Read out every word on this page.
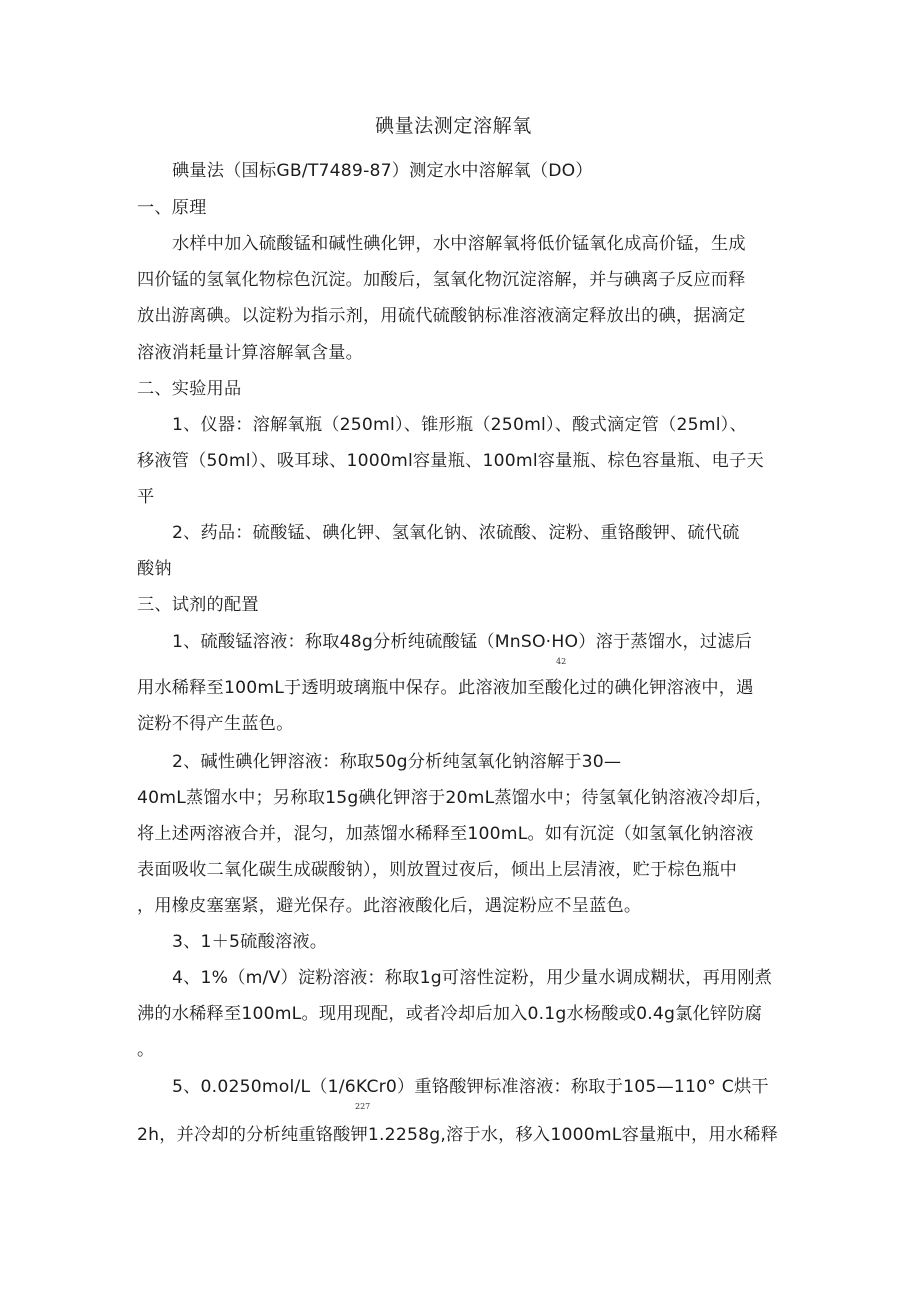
碘量法测定溶解氧
碘量法（国标GB/T7489-87）测定水中溶解氧（DO）
一、原理
水样中加入硫酸锰和碱性碘化钾，水中溶解氧将低价锰氧化成高价锰，生成
四价锰的氢氧化物棕色沉淀。加酸后，氢氧化物沉淀溶解，并与碘离子反应而释
放出游离碘。以淀粉为指示剂，用硫代硫酸钠标准溶液滴定释放出的碘，据滴定
溶液消耗量计算溶解氧含量。
二、实验用品
1、仪器：溶解氧瓶（250ml）、锥形瓶（250ml）、酸式滴定管（25ml）、
移液管（50ml）、吸耳球、1000ml容量瓶、100ml容量瓶、棕色容量瓶、电子天
平
2、药品：硫酸锰、碘化钾、氢氧化钠、浓硫酸、淀粉、重铬酸钾、硫代硫
酸钠
三、试剂的配置
1、硫酸锰溶液：称取48g分析纯硫酸锰（MnSO·HO）溶于蒸馏水，过滤后
42
用水稀释至100mL于透明玻璃瓶中保存。此溶液加至酸化过的碘化钾溶液中，遇
淀粉不得产生蓝色。
2、碱性碘化钾溶液：称取50g分析纯氢氧化钠溶解于30—
40mL蒸馏水中；另称取15g碘化钾溶于20mL蒸馏水中；待氢氧化钠溶液冷却后，
将上述两溶液合并，混匀，加蒸馏水稀释至100mL。如有沉淀（如氢氧化钠溶液
表面吸收二氧化碳生成碳酸钠），则放置过夜后，倾出上层清液，贮于棕色瓶中
，用橡皮塞塞紧，避光保存。此溶液酸化后，遇淀粉应不呈蓝色。
3、1＋5硫酸溶液。
4、1%（m/V）淀粉溶液：称取1g可溶性淀粉，用少量水调成糊状，再用刚煮
沸的水稀释至100mL。现用现配，或者冷却后加入0.1g水杨酸或0.4g氯化锌防腐
。
5、0.0250mol/L（1/6KCr0）重铬酸钾标准溶液：称取于105—110° C烘干
227
2h，并冷却的分析纯重铬酸钾1.2258g,溶于水，移入1000mL容量瓶中，用水稀释
